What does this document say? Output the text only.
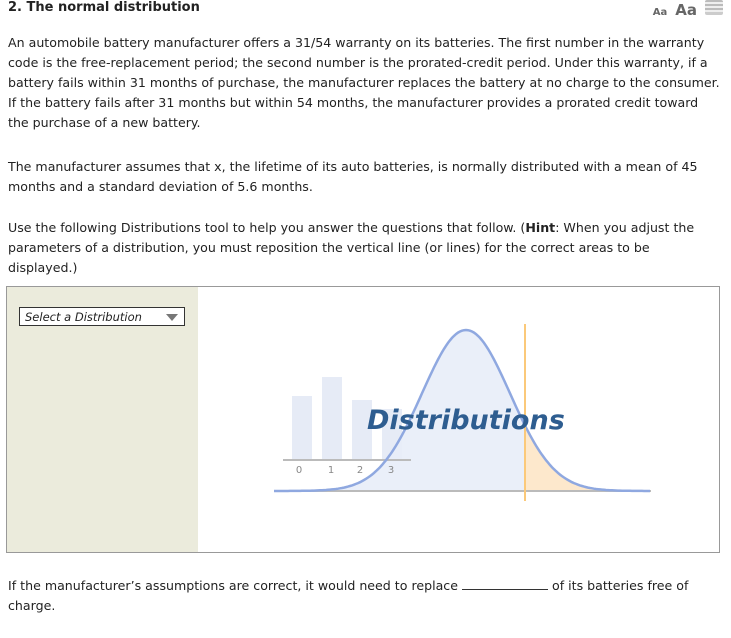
2. The normal distribution	Aa Aa

An automobile battery manufacturer offers a 31/54 warranty on its batteries. The first number in the warranty code is the free-replacement period; the second number is the prorated-credit period. Under this warranty, if a battery fails within 31 months of purchase, the manufacturer replaces the battery at no charge to the consumer. If the battery fails after 31 months but within 54 months, the manufacturer provides a prorated credit toward the purchase of a new battery.

The manufacturer assumes that x, the lifetime of its auto batteries, is normally distributed with a mean of 45 months and a standard deviation of 5.6 months.

Use the following Distributions tool to help you answer the questions that follow. (Hint: When you adjust the parameters of a distribution, you must reposition the vertical line (or lines) for the correct areas to be displayed.)

Select a Distribution
0	1 2 3
Distributions

If the manufacturer’s assumptions are correct, it would need to replace	of its batteries free of charge.
